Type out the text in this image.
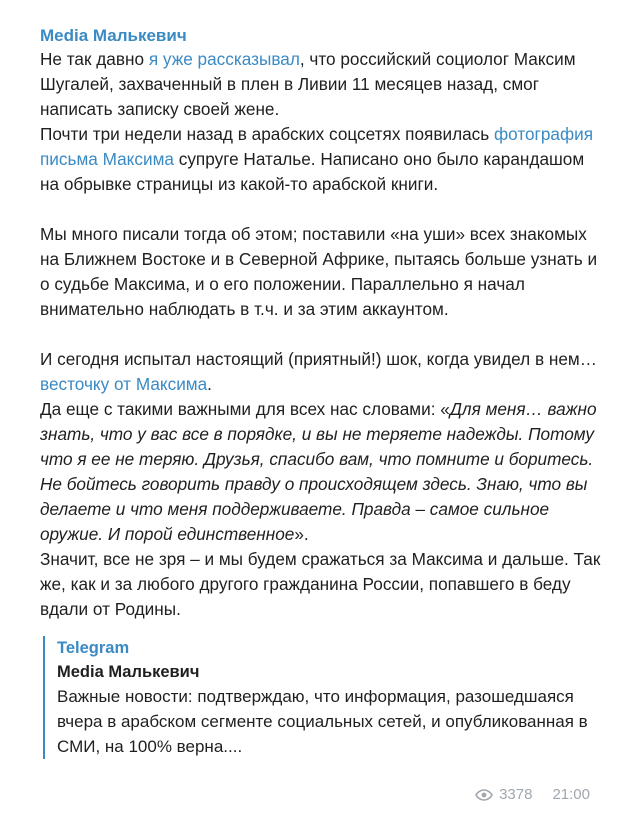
Media Малькевич

Не так давно я уже рассказывал, что российский социолог Максим Шугалей, захваченный в плен в Ливии 11 месяцев назад, смог написать записку своей жене.

Почти три недели назад в арабских соцсетях появилась фотография письма Максима супруге Наталье. Написано оно было карандашом на обрывке страницы из какой-то арабской книги.

Мы много писали тогда об этом; поставили «на уши» всех знакомых на Ближнем Востоке и в Северной Африке, пытаясь больше узнать и о судьбе Максима, и о его положении. Параллельно я начал внимательно наблюдать в т.ч. и за этим аккаунтом.

И сегодня испытал настоящий (приятный!) шок, когда увидел в нем… весточку от Максима.

Да еще с такими важными для всех нас словами: «Для меня… важно знать, что у вас все в порядке, и вы не теряете надежды. Потому что я ее не теряю. Друзья, спасибо вам, что помните и боритесь. Не бойтесь говорить правду о происходящем здесь. Знаю, что вы делаете и что меня поддерживаете. Правда – самое сильное оружие. И порой единственное».

Значит, все не зря – и мы будем сражаться за Максима и дальше. Так же, как и за любого другого гражданина России, попавшего в беду вдали от Родины.

Telegram
Media Малькевич
Важные новости: подтверждаю, что информация, разошедшаяся вчера в арабском сегменте социальных сетей, и опубликованная в СМИ, на 100% верна....
3378 21:00
